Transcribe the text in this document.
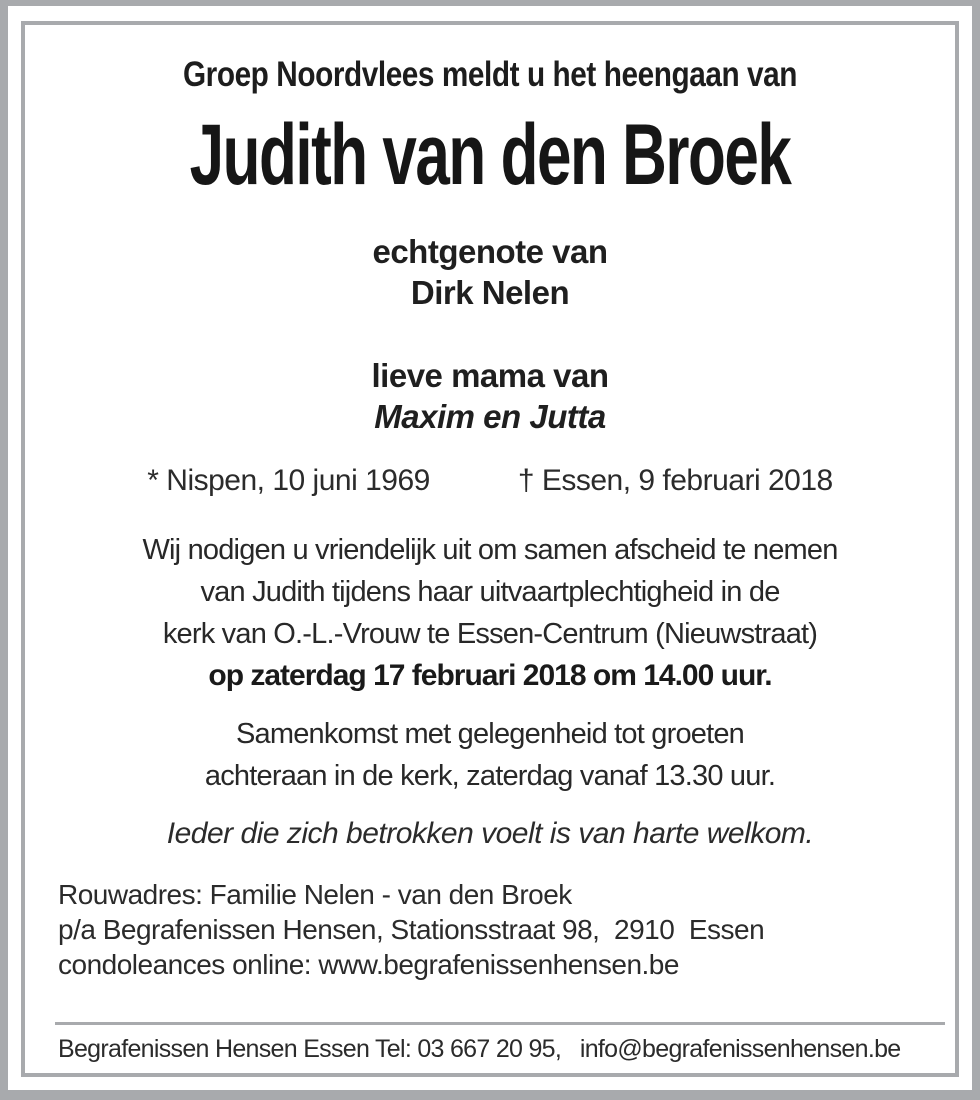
Groep Noordvlees meldt u het heengaan van
Judith van den Broek
echtgenote van
Dirk Nelen
lieve mama van
Maxim en Jutta
* Nispen, 10 juni 1969	† Essen, 9 februari 2018
Wij nodigen u vriendelijk uit om samen afscheid te nemen
van Judith tijdens haar uitvaartplechtigheid in de
kerk van O.-L.-Vrouw te Essen-Centrum (Nieuwstraat)
op zaterdag 17 februari 2018 om 14.00 uur.
Samenkomst met gelegenheid tot groeten
achteraan in de kerk, zaterdag vanaf 13.30 uur.
Ieder die zich betrokken voelt is van harte welkom.
Rouwadres: Familie Nelen - van den Broek
p/a Begrafenissen Hensen, Stationsstraat 98,  2910  Essen
condoleances online: www.begrafenissenhensen.be
Begrafenissen Hensen Essen Tel: 03 667 20 95,   info@begrafenissenhensen.be
